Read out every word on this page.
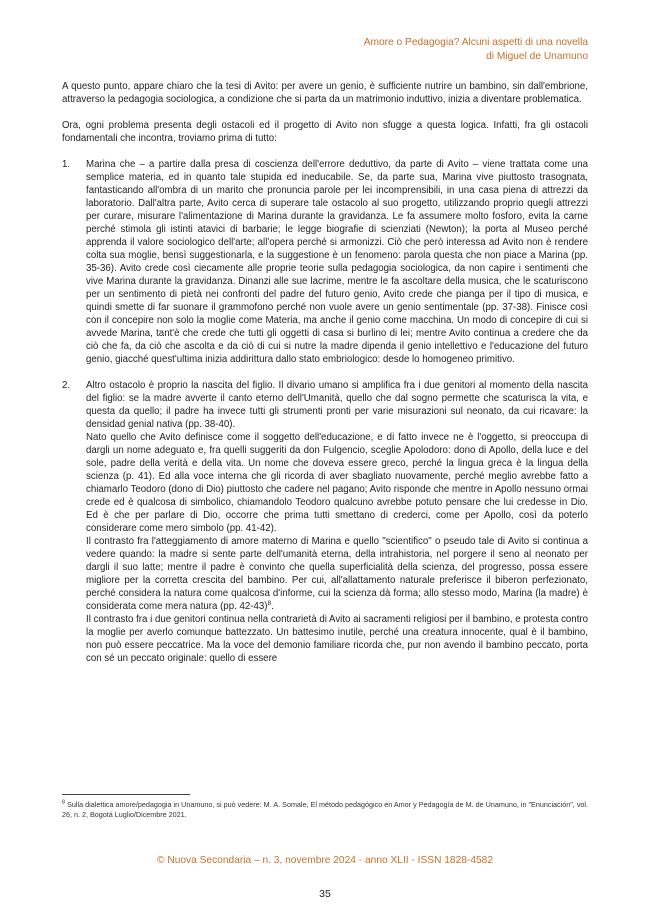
Amore o Pedagogia? Alcuni aspetti di una novella
di Miguel de Unamuno

A questo punto, appare chiaro che la tesi di Avito: per avere un genio, è sufficiente nutrire un bambino, sin dall'embrione, attraverso la pedagogia sociologica, a condizione che si parta da un matrimonio induttivo, inizia a diventare problematica.

Ora, ogni problema presenta degli ostacoli ed il progetto di Avito non sfugge a questa logica. Infatti, fra gli ostacoli fondamentali che incontra, troviamo prima di tutto:

1. Marina che – a partire dalla presa di coscienza dell'errore deduttivo, da parte di Avito – viene trattata come una semplice materia, ed in quanto tale stupida ed ineducabile. Se, da parte sua, Marina vive piuttosto trasognata, fantasticando all'ombra di un marito che pronuncia parole per lei incomprensibili, in una casa piena di attrezzi da laboratorio. Dall'altra parte, Avito cerca di superare tale ostacolo al suo progetto, utilizzando proprio quegli attrezzi per curare, misurare l'alimentazione di Marina durante la gravidanza. Le fa assumere molto fosforo, evita la carne perché stimola gli istinti atavici di barbarie; le legge biografie di scienziati (Newton); la porta al Museo perché apprenda il valore sociologico dell'arte; all'opera perché si armonizzi. Ciò che però interessa ad Avito non è rendere colta sua moglie, bensì suggestionarla, e la suggestione è un fenomeno: parola questa che non piace a Marina (pp. 35-36). Avito crede così ciecamente alle proprie teorie sulla pedagogia sociologica, da non capire i sentimenti che vive Marina durante la gravidanza. Dinanzi alle sue lacrime, mentre le fa ascoltare della musica, che le scaturiscono per un sentimento di pietà nei confronti del padre del futuro genio, Avito crede che pianga per il tipo di musica, e quindi smette di far suonare il grammofono perché non vuole avere un genio sentimentale (pp. 37-38). Finisce così con il concepire non solo la moglie come Materia, ma anche il genio come macchina. Un modo di concepire di cui si avvede Marina, tant'è che crede che tutti gli oggetti di casa si burlino di lei; mentre Avito continua a credere che da ciò che fa, da ciò che ascolta e da ciò di cui si nutre la madre dipenda il genio intellettivo e l'educazione del futuro genio, giacché quest'ultima inizia addirittura dallo stato embriologico: desde lo homogeneo primitivo.
2. Altro ostacolo è proprio la nascita del figlio. Il divario umano si amplifica fra i due genitori al momento della nascita del figlio: se la madre avverte il canto eterno dell'Umanità, quello che dal sogno permette che scaturisca la vita, e questa da quello; il padre ha invece tutti gli strumenti pronti per varie misurazioni sul neonato, da cui ricavare: la densidad genial nativa (pp. 38-40).
Nato quello che Avito definisce come il soggetto dell'educazione, e di fatto invece ne è l'oggetto, si preoccupa di dargli un nome adeguato e, fra quelli suggeriti da don Fulgencio, sceglie Apolodoro: dono di Apollo, della luce e del sole, padre della verità e della vita. Un nome che doveva essere greco, perché la lingua greca è la lingua della scienza (p. 41). Ed alla voce interna che gli ricorda di aver sbagliato nuovamente, perché meglio avrebbe fatto a chiamarlo Teodoro (dono di Dio) piuttosto che cadere nel pagano; Avito risponde che mentre in Apollo nessuno ormai crede ed è qualcosa di simbolico, chiamandolo Teodoro qualcuno avrebbe potuto pensare che lui credesse in Dio. Ed è che per parlare di Dio, occorre che prima tutti smettano di crederci, come per Apollo, così da poterlo considerare come mero simbolo (pp. 41-42).
Il contrasto fra l'atteggiamento di amore materno di Marina e quello "scientifico" o pseudo tale di Avito si continua a vedere quando: la madre si sente parte dell'umanità eterna, della intrahistoria, nel porgere il seno al neonato per dargli il suo latte; mentre il padre è convinto che quella superficialità della scienza, del progresso, possa essere migliore per la corretta crescita del bambino. Per cui, all'allattamento naturale preferisce il biberon perfezionato, perché considera la natura come qualcosa d'informe, cui la scienza dà forma; allo stesso modo, Marina (la madre) è considerata come mera natura (pp. 42-43)$^8$.
Il contrasto fra i due genitori continua nella contrarietà di Avito ai sacramenti religiosi per il bambino, e protesta contro la moglie per averlo comunque battezzato. Un battesimo inutile, perché una creatura innocente, qual è il bambino, non può essere peccatrice. Ma la voce del demonio familiare ricorda che, pur non avendo il bambino peccato, porta con sé un peccato originale: quello di essere
$^8$ Sulla dialettica amore/pedagogia in Unamuno, si può vedere: M. A. Somale, El método pedagógico en Amor y Pedagogía de M. de Unamuno, in "Enunciación", vol. 26, n. 2, Bogotá Luglio/Dicembre 2021.
© Nuova Secondaria – n. 3, novembre 2024 - anno XLII - ISSN 1828-4582
35
